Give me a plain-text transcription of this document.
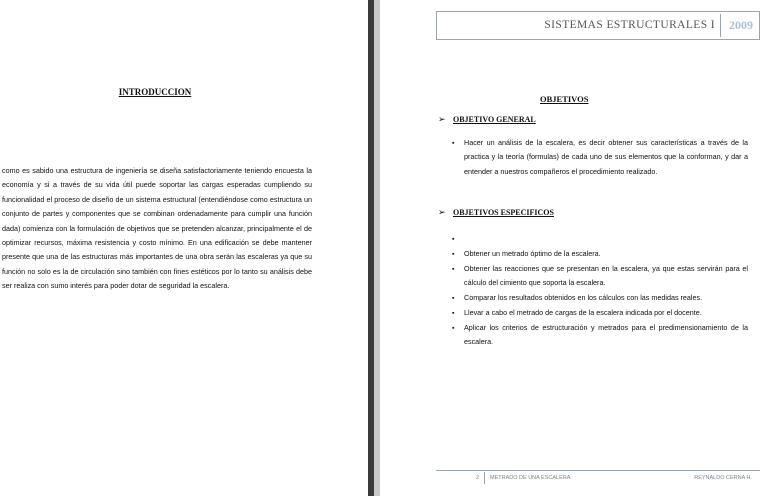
INTRODUCCION
como es sabido una estructura de ingeniería se diseña satisfactoriamente teniendo encuesta la economía y si a través de su vida útil puede soportar las cargas esperadas cumpliendo su funcionalidad el proceso de diseño de un sistema estructural (entendiéndose como estructura un conjunto de partes y componentes que se combinan ordenadamente para cumplir una función dada) comienza con la formulación de objetivos que se pretenden alcanzar, principalmente el de optimizar recursos, máxima resistencia y costo mínimo. En una edificación se debe mantener presente que una de las estructuras más importantes de una obra serán las escaleras ya que su función no solo es la de circulación sino también con fines estéticos por lo tanto su análisis debe ser realiza con sumo interés para poder dotar de seguridad la escalera.
SISTEMAS ESTRUCTURALES I 2009
OBJETIVOS
➢ OBJETIVO GENERAL
▪ Hacer un análisis de la escalera, es decir obtener sus características a través de la practica y la teoría (formulas) de cada uno de sus elementos que la conforman, y dar a entender a nuestros compañeros el procedimiento realizado.
➢ OBJETIVOS ESPECIFICOS
▪
▪ Obtener un metrado óptimo de la escalera.
▪ Obtener las reacciones que se presentan en la escalera, ya que estas servirán para el cálculo del cimiento que soporta la escalera.
▪ Comparar los resultados obtenidos en los cálculos con las medidas reales.
▪ Llevar a cabo el metrado de cargas de la escalera indicada por el docente.
▪ Aplicar los criterios de estructuración y metrados para el predimensionamiento de la escalera.
2 METRADO DE UNA ESCALERA	REYNALDO CERNA H.
